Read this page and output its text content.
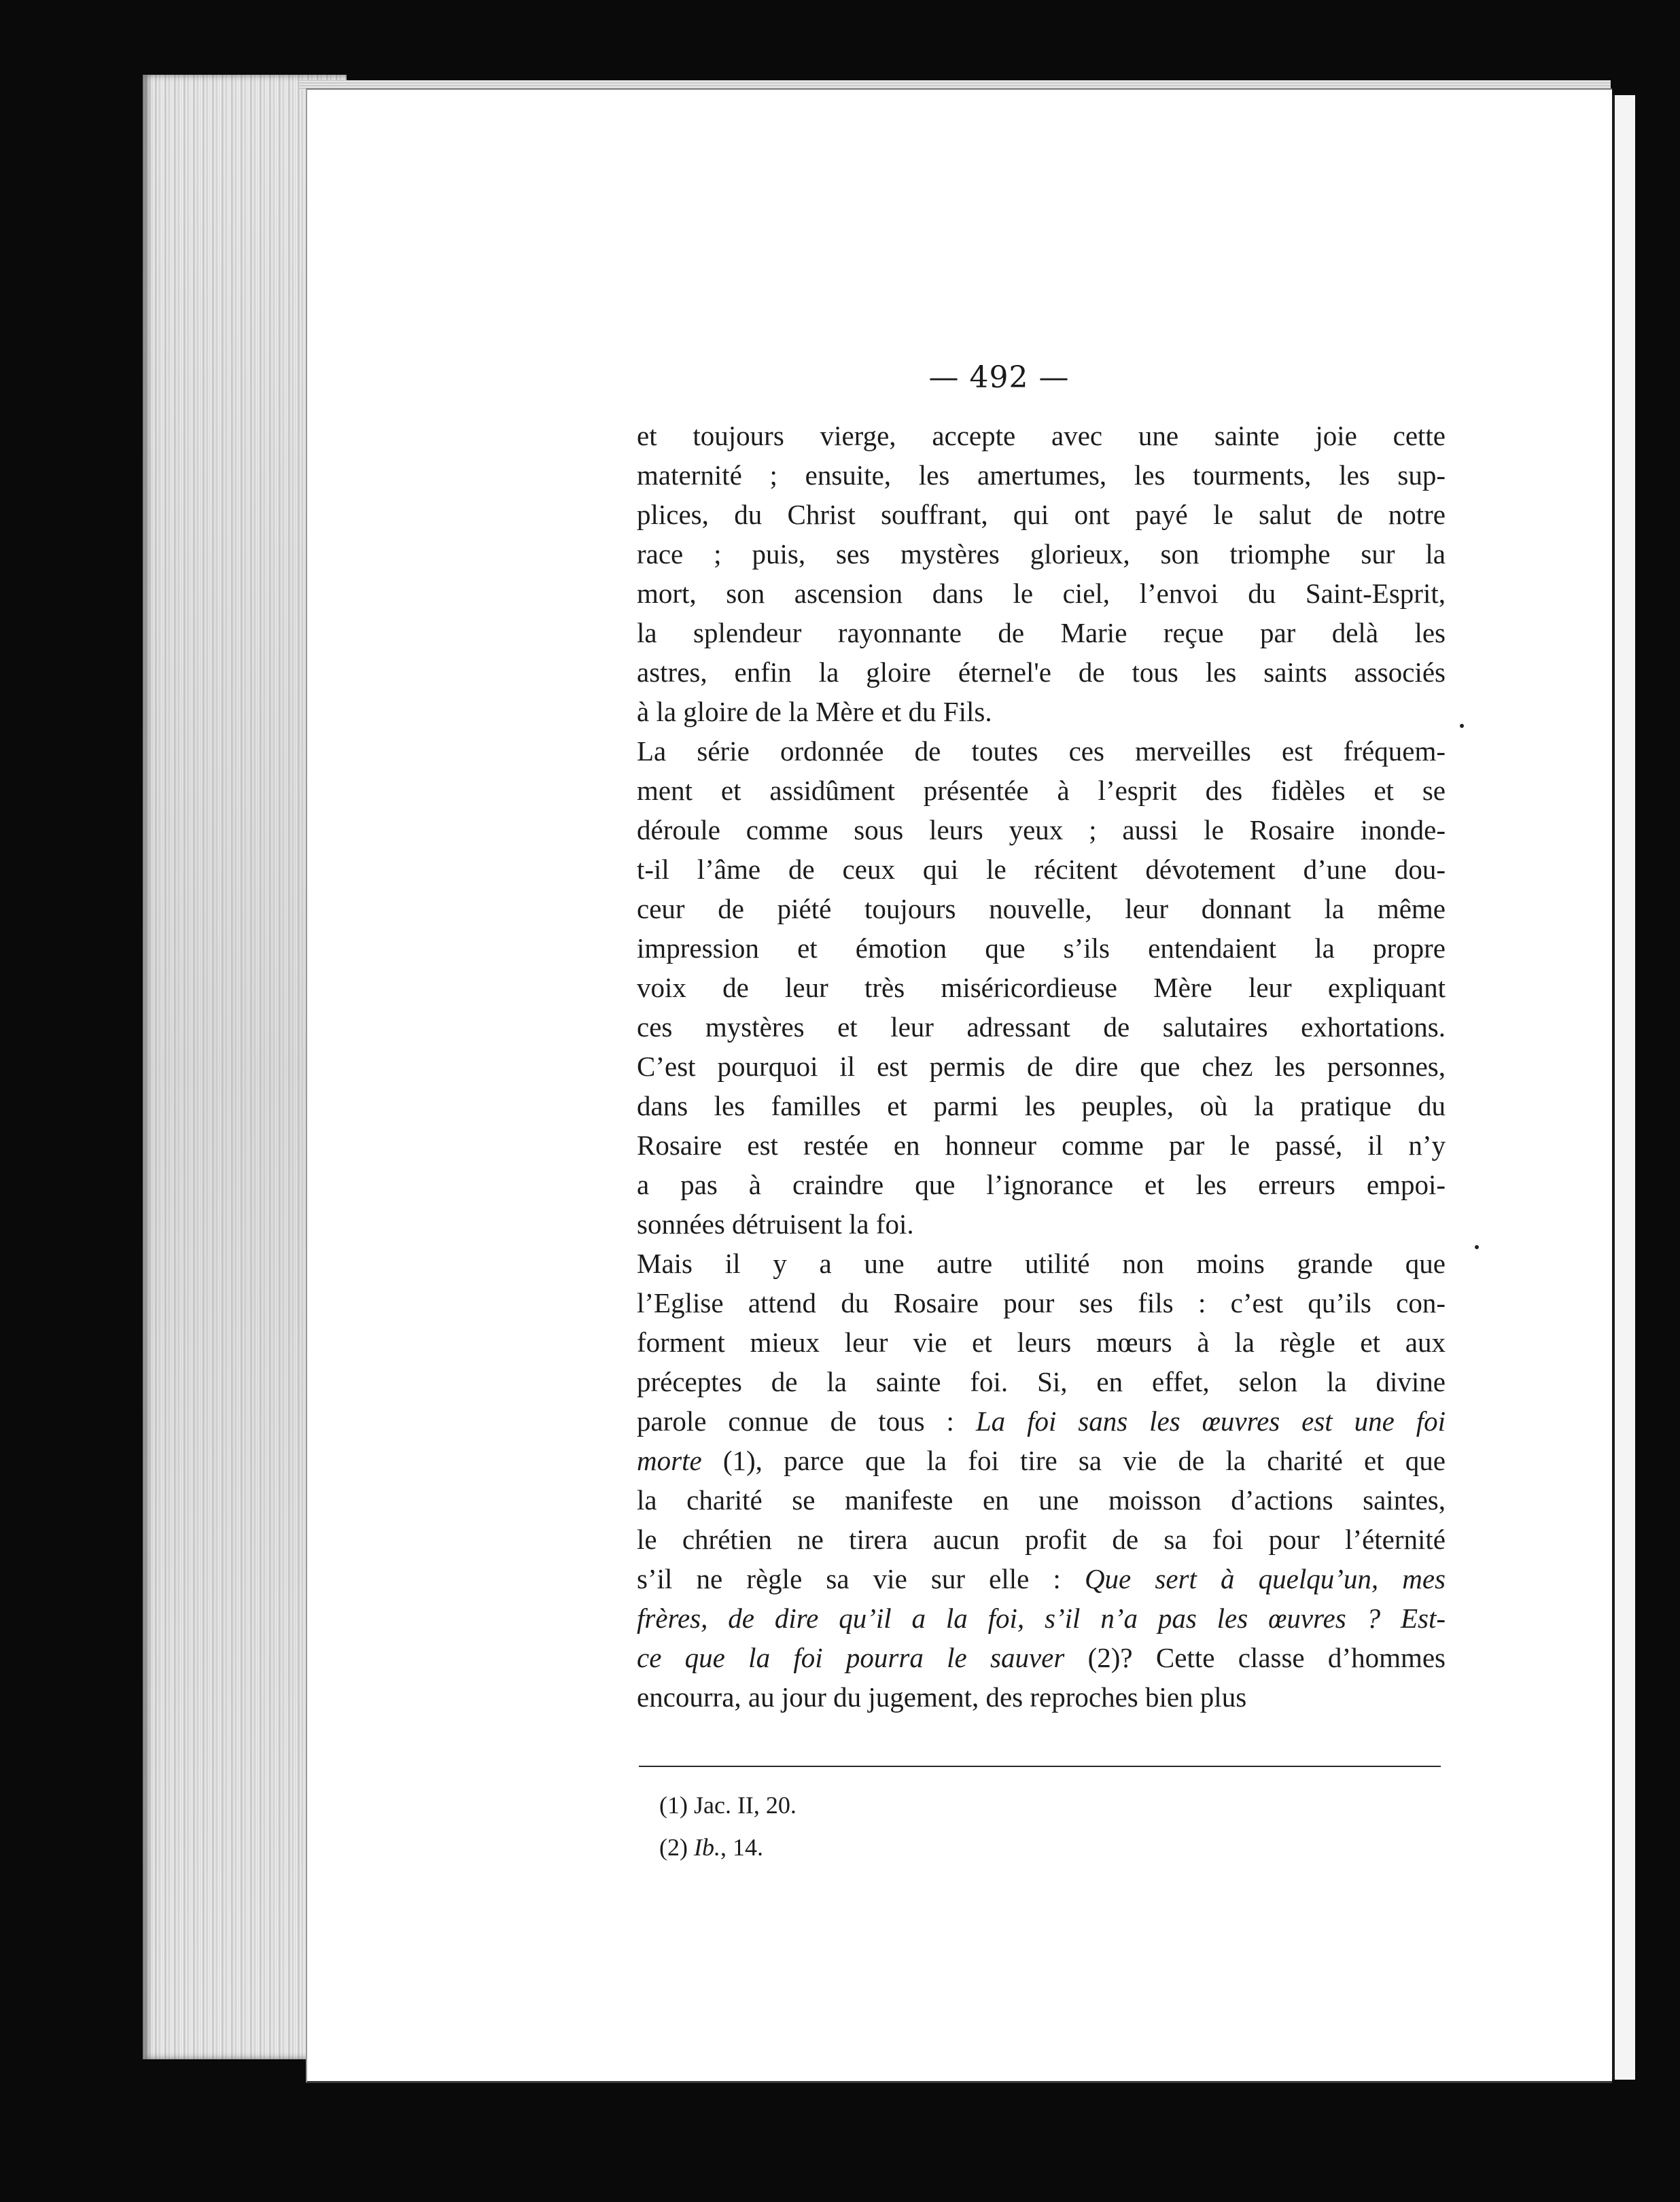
— 492 —
et toujours vierge, accepte avec une sainte joie cette
maternité ; ensuite, les amertumes, les tourments, les sup-
plices, du Christ souffrant, qui ont payé le salut de notre
race ; puis, ses mystères glorieux, son triomphe sur la
mort, son ascension dans le ciel, l’envoi du Saint-Esprit,
la splendeur rayonnante de Marie reçue par delà les
astres, enfin la gloire éternel'e de tous les saints associés
à la gloire de la Mère et du Fils.
La série ordonnée de toutes ces merveilles est fréquem-
ment et assidûment présentée à l’esprit des fidèles et se
déroule comme sous leurs yeux ; aussi le Rosaire inonde-
t-il l’âme de ceux qui le récitent dévotement d’une dou-
ceur de piété toujours nouvelle, leur donnant la même
impression et émotion que s’ils entendaient la propre
voix de leur très miséricordieuse Mère leur expliquant
ces mystères et leur adressant de salutaires exhortations.
C’est pourquoi il est permis de dire que chez les personnes,
dans les familles et parmi les peuples, où la pratique du
Rosaire est restée en honneur comme par le passé, il n’y
a pas à craindre que l’ignorance et les erreurs empoi-
sonnées détruisent la foi.
Mais il y a une autre utilité non moins grande que
l’Eglise attend du Rosaire pour ses fils : c’est qu’ils con-
forment mieux leur vie et leurs mœurs à la règle et aux
préceptes de la sainte foi. Si, en effet, selon la divine
parole connue de tous : La foi sans les œuvres est une foi
morte (1), parce que la foi tire sa vie de la charité et que
la charité se manifeste en une moisson d’actions saintes,
le chrétien ne tirera aucun profit de sa foi pour l’éternité
s’il ne règle sa vie sur elle : Que sert à quelqu’un, mes
frères, de dire qu’il a la foi, s’il n’a pas les œuvres ? Est-
ce que la foi pourra le sauver (2)? Cette classe d’hommes
encourra, au jour du jugement, des reproches bien plus
(1) Jac. II, 20.
(2) Ib., 14.
